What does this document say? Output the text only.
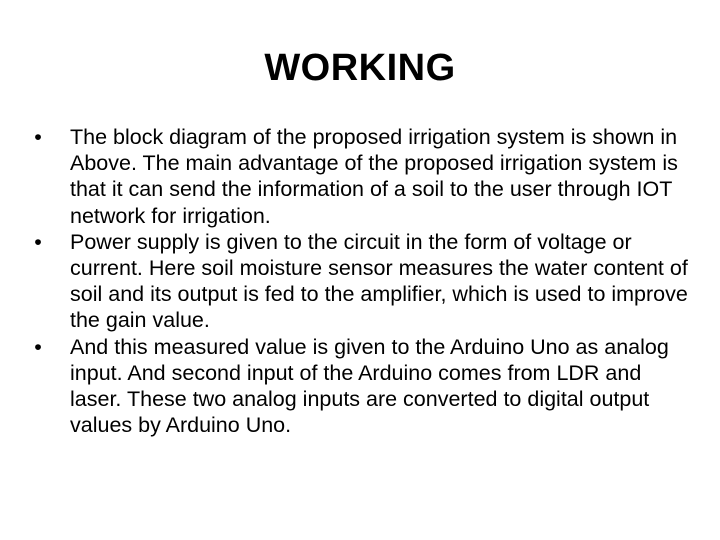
WORKING
• The block diagram of the proposed irrigation system is shown in Above. The main advantage of the proposed irrigation system is that it can send the information of a soil to the user through IOT network for irrigation.
• Power supply is given to the circuit in the form of voltage or current. Here soil moisture sensor measures the water content of soil and its output is fed to the amplifier, which is used to improve the gain value.
• And this measured value is given to the Arduino Uno as analog input. And second input of the Arduino comes from LDR and laser. These two analog inputs are converted to digital output values by Arduino Uno.
